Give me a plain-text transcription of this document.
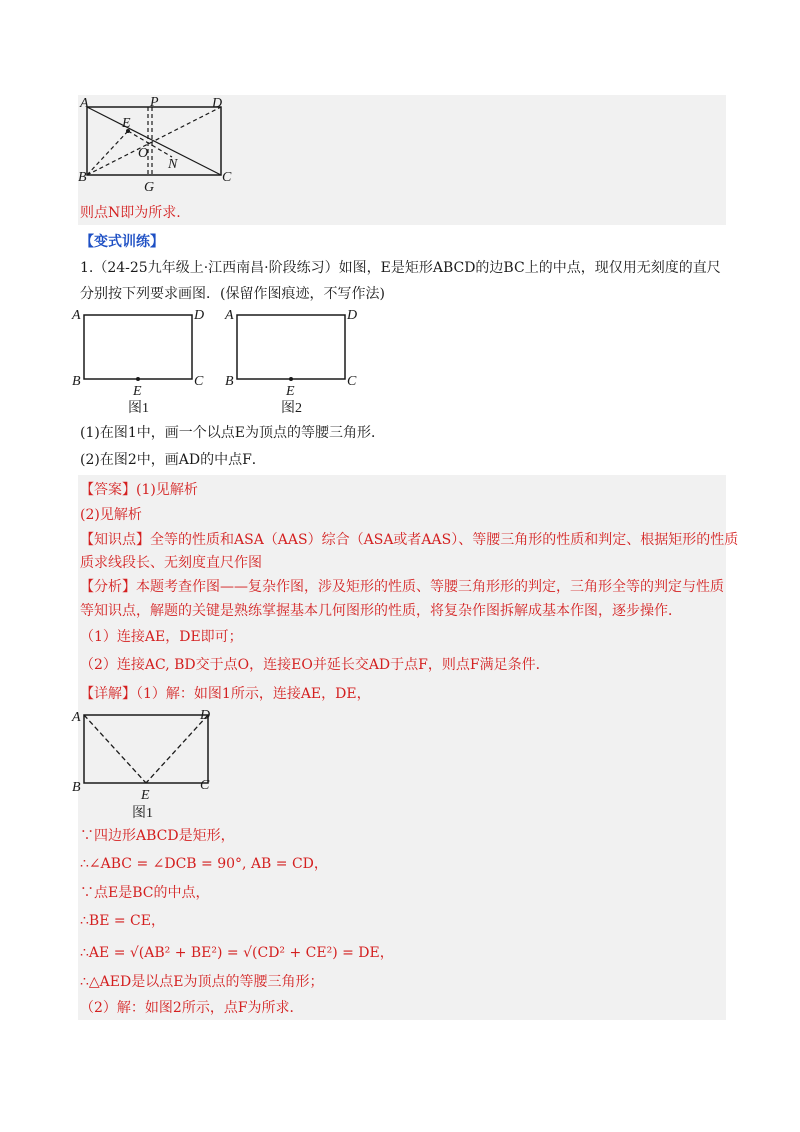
A	P	D
E
O
N
B
G
C
则点N即为所求.
【变式训练】
1.（24-25九年级上·江西南昌·阶段练习）如图，E是矩形ABCD的边BC上的中点，现仅用无刻度的直尺
分别按下列要求画图．(保留作图痕迹，不写作法)
A	D
B	C
E
图1
A	D
B	C
E
图2
(1)在图1中，画一个以点E为顶点的等腰三角形．
(2)在图2中，画AD的中点F．
【答案】(1)见解析
(2)见解析
【知识点】全等的性质和ASA（AAS）综合（ASA或者AAS）、等腰三角形的性质和判定、根据矩形的性质
质求线段长、无刻度直尺作图
【分析】本题考查作图——复杂作图，涉及矩形的性质、等腰三角形形的判定，三角形全等的判定与性质
等知识点，解题的关键是熟练掌握基本几何图形的性质，将复杂作图拆解成基本作图，逐步操作．
（1）连接AE，DE即可；
（2）连接AC, BD交于点O，连接EO并延长交AD于点F，则点F满足条件．
【详解】（1）解：如图1所示，连接AE，DE，
A	D
B	C
E
图1
∵四边形ABCD是矩形，
∴∠ABC = ∠DCB = 90°, AB = CD，
∵点E是BC的中点，
∴BE = CE，
∴AE = √(AB² + BE²) = √(CD² + CE²) = DE，
∴△AED是以点E为顶点的等腰三角形；
（2）解：如图2所示，点F为所求．
